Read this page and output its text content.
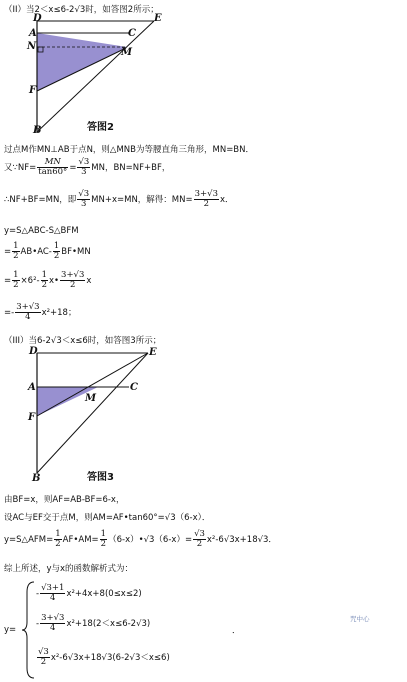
（II）当2＜x≤6-2√3时，如答图2所示；
D	E
A	C
N
M
F
B	答图2
过点M作MN⊥AB于点N，则△MNB为等腰直角三角形，MN=BN．
又∵NF= $\frac{MN}{\tan 60^\circ} = \frac{√3}{3}$ MN，BN=NF+BF，
∴NF+BF=MN，即 $\frac{√3}{3} MN+x=MN$，解得：$MN= \frac{3+√3}{2}$ x．
y=S△ABC-S△BFM
= $\frac{1}{2}$ AB•AC- $\frac{1}{2}$ BF•MN
= $\frac{1}{2} \times 6^2- \frac{1}{2}$ x• $\frac{3+√3}{2}$ x
=- $\frac{3+√3}{4} x^2+18$；
（III）当6-2√3＜x≤6时，如答图3所示；
D	E
A
M
C
F
B	答图3
由BF=x，则AF=AB-BF=6-x，
设AC与EF交于点M，则AM=AF•tan60°=√3（6-x）．
y=S△AFM= $\frac{1}{2}$ AF•AM= $\frac{1}{2}$ （6-x）•√3（6-x）= $\frac{√3}{2} x^2-6√3x+18√3$．
综上所述，y与x的函数解析式为：
y=
- $\frac{√3+1}{4} x^2+4x+8(0\le x\le 2)$
- $\frac{3+√3}{4} x^2+18(2<x\le 6-2√3)$
．
$\frac{√3}{2} x^2-6√3x+18√3(6-2√3<x\le 6)$
咒中心
